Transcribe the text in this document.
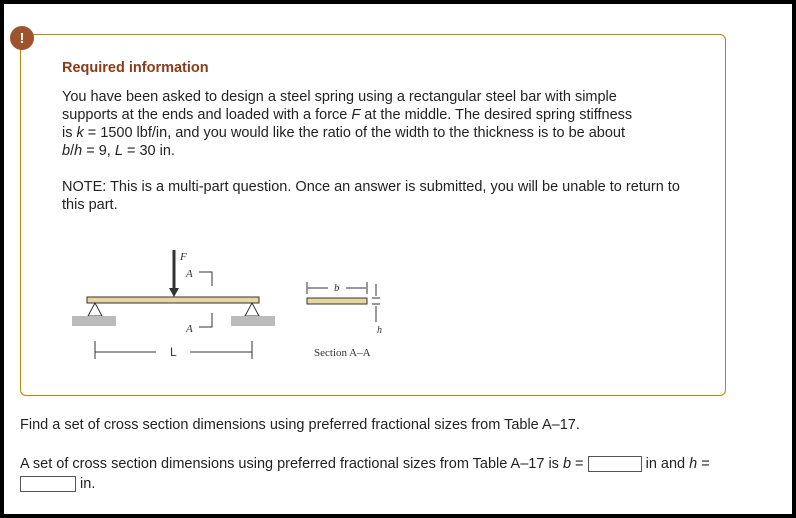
!
Required information
You have been asked to design a steel spring using a rectangular steel bar with simple
supports at the ends and loaded with a force F at the middle. The desired spring stiffness
is k = 1500 lbf/in, and you would like the ratio of the width to the thickness is to be about
b/h = 9, L = 30 in.
NOTE: This is a multi-part question. Once an answer is submitted, you will be unable to return to this part.
F
A
A
L
b
h
Section A–A
Find a set of cross section dimensions using preferred fractional sizes from Table A–17.
A set of cross section dimensions using preferred fractional sizes from Table A–17 is b =	in and h =
in.
